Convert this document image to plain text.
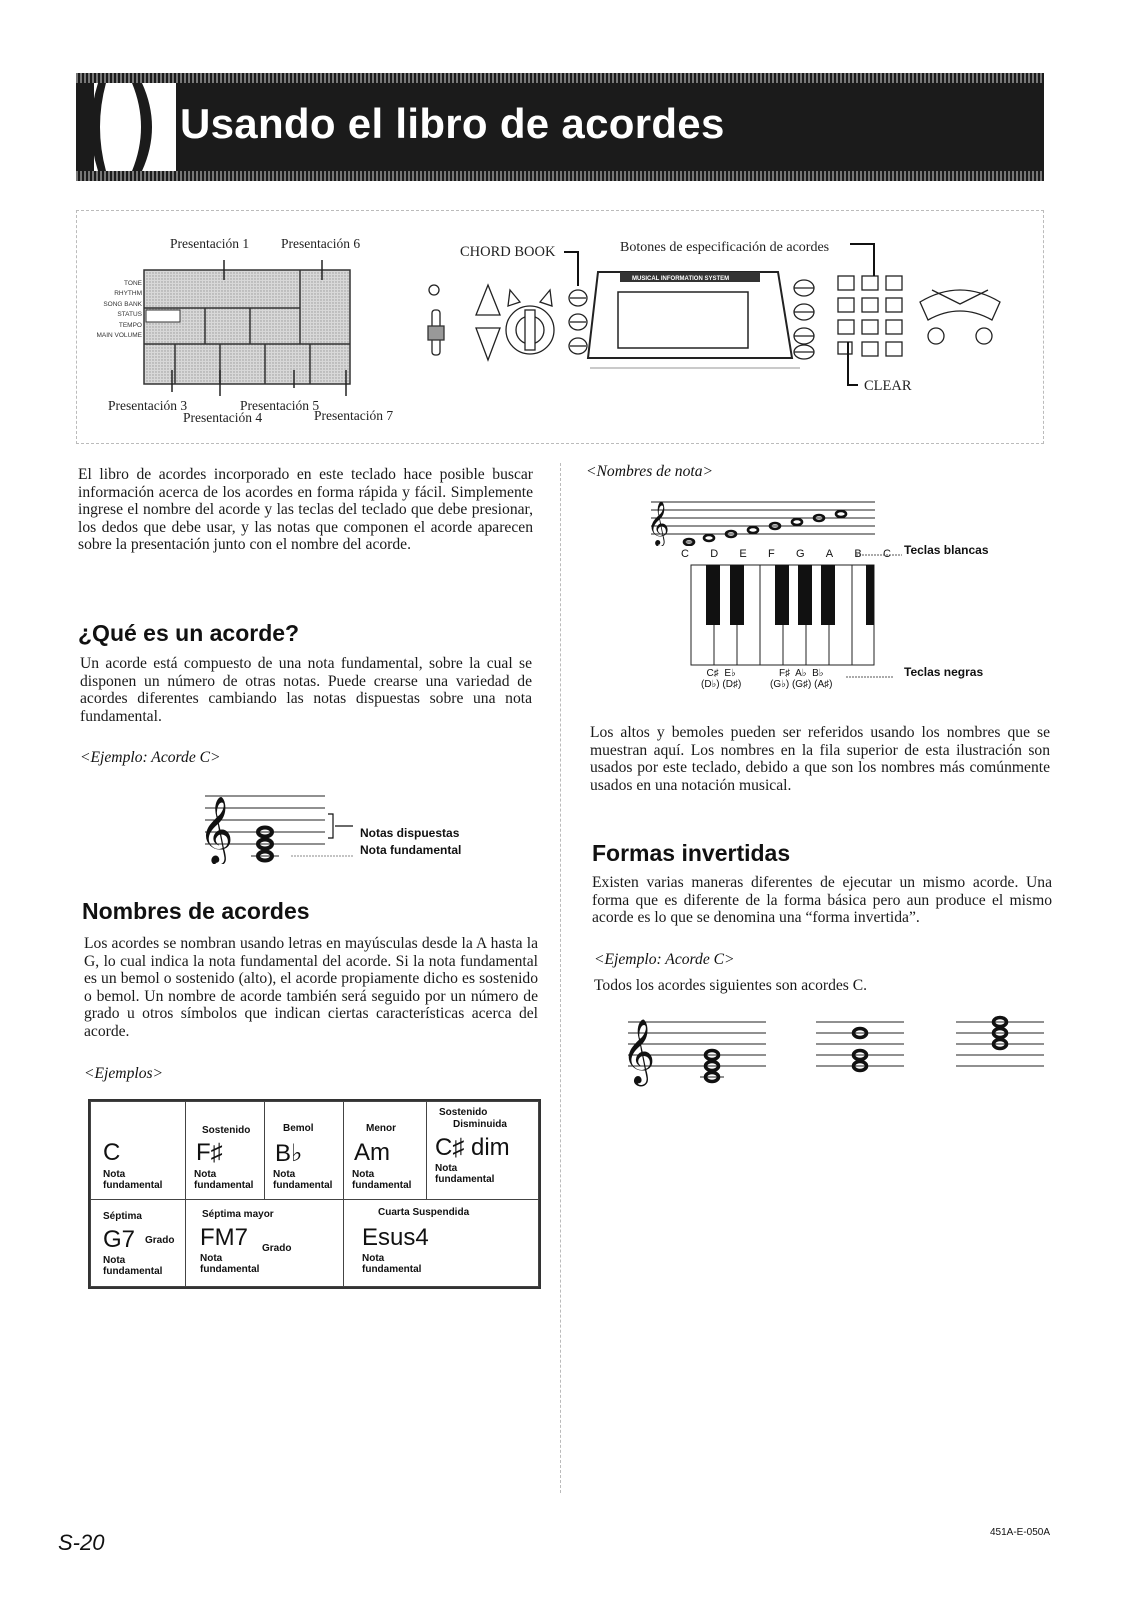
Usando el libro de acordes
TONE
RHYTHM
SONG BANK
STATUS
TEMPO
MAIN VOLUME
Presentación 1 Presentación 6
Presentación 3	Presentación 5
Presentación 4	Presentación 7
MUSICAL INFORMATION SYSTEM
CHORD BOOK	Botones de especificación de acordes
CLEAR
El libro de acordes incorporado en este teclado hace posible buscar información acerca de los acordes en forma rápida y fácil. Simplemente ingrese el nombre del acorde y las teclas del teclado que debe presionar, los dedos que debe usar, y las notas que componen el acorde aparecen sobre la presentación junto con el nombre del acorde.
¿Qué es un acorde?
Un acorde está compuesto de una nota fundamental, sobre la cual se disponen un número de otras notas. Puede crearse una variedad de acordes diferentes cambiando las notas dispuestas sobre una nota fundamental.
<Ejemplo: Acorde C>
𝄞	Notas dispuestas
Nota fundamental
Nombres de acordes
Los acordes se nombran usando letras en mayúsculas desde la A hasta la G, lo cual indica la nota fundamental del acorde. Si la nota fundamental es un bemol o sostenido (alto), el acorde propiamente dicho es sostenido o bemol. Un nombre de acorde también será seguido por un número de grado u otros símbolos que indican ciertas características acerca del acorde.
<Ejemplos>
C
Nota fundamental
Sostenido
F♯
Nota fundamental
Bemol
B♭
Nota fundamental
Menor
Am
Nota fundamental
Sostenido
Disminuida
C♯ dim
Nota fundamental
Séptima
G7 Grado
Nota fundamental
Séptima mayor
FM7 Grado
Nota fundamental
Cuarta Suspendida
Esus4
Nota fundamental
<Nombres de nota>
𝄞
C D E F G A B C Teclas blancas
C♯ E♭
(D♭) (D♯)
F♯ A♭ B♭
(G♭) (G♯) (A♯)
Teclas negras
Los altos y bemoles pueden ser referidos usando los nombres que se muestran aquí. Los nombres en la fila superior de esta ilustración son usados por este teclado, debido a que son los nombres más comúnmente usados en una notación musical.
Formas invertidas
Existen varias maneras diferentes de ejecutar un mismo acorde. Una forma que es diferente de la forma básica pero aun produce el mismo acorde es lo que se denomina una “forma invertida”.
<Ejemplo: Acorde C>
Todos los acordes siguientes son acordes C.
𝄞
S-20	451A-E-050A
